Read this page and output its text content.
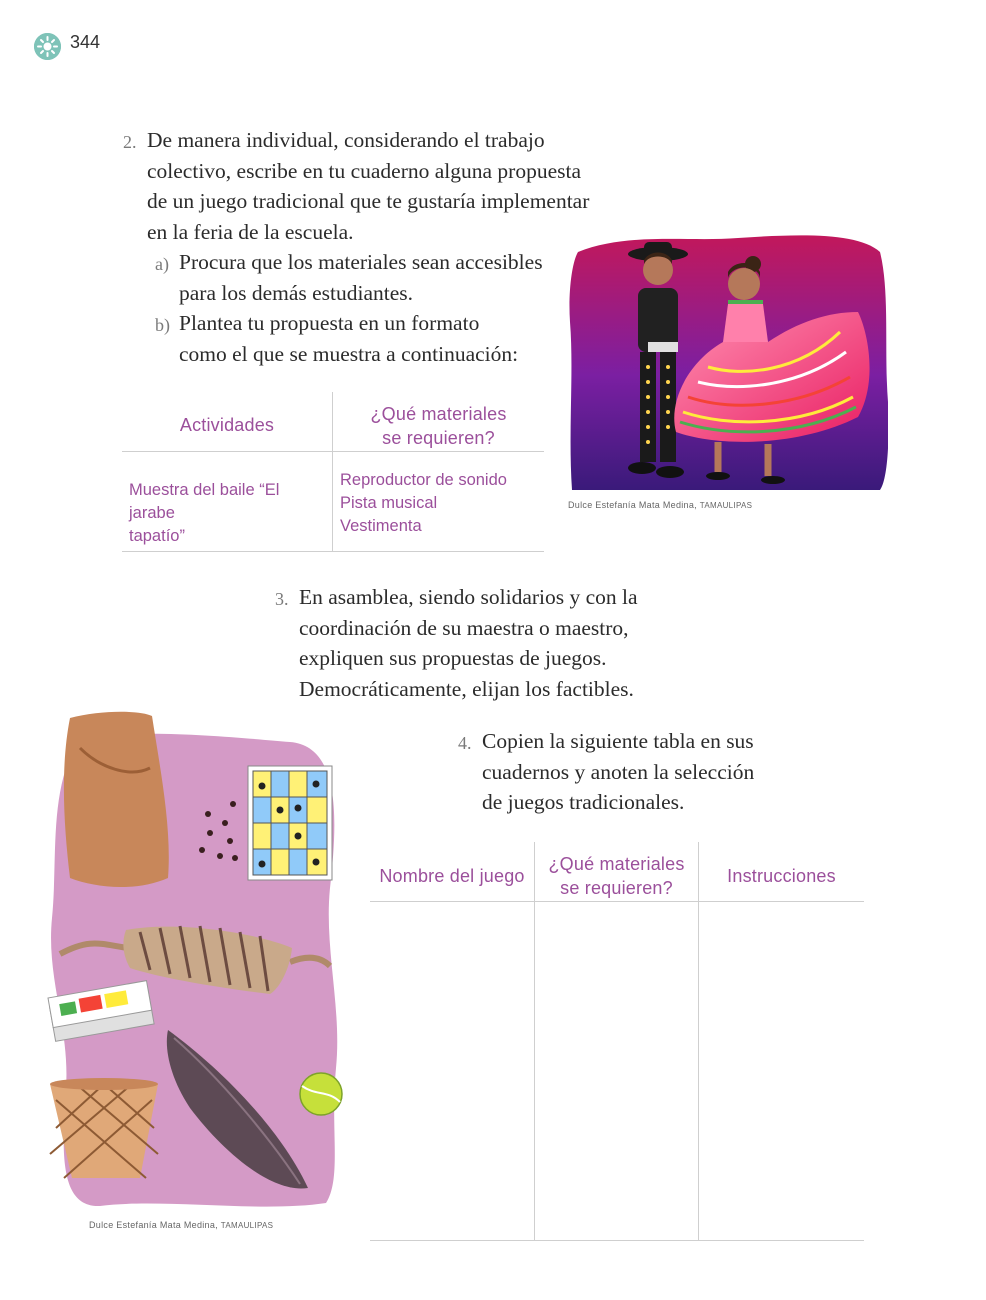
344
2. De manera individual, considerando el trabajo
colectivo, escribe en tu cuaderno alguna propuesta
de un juego tradicional que te gustaría implementar
en la feria de la escuela.
a) Procura que los materiales sean accesibles
para los demás estudiantes.
b) Plantea tu propuesta en un formato
como el que se muestra a continuación:
Actividades
¿Qué materiales
se requieren?
Muestra del baile “El jarabe
tapatío”
Reproductor de sonido
Pista musical
Vestimenta
Dulce Estefanía Mata Medina, TAMAULIPAS
3. En asamblea, siendo solidarios y con la
coordinación de su maestra o maestro,
expliquen sus propuestas de juegos.
Democráticamente, elijan los factibles.
Dulce Estefanía Mata Medina, TAMAULIPAS
4. Copien la siguiente tabla en sus
cuadernos y anoten la selección
de juegos tradicionales.
Nombre del juego
¿Qué materiales
se requieren?
Instrucciones
